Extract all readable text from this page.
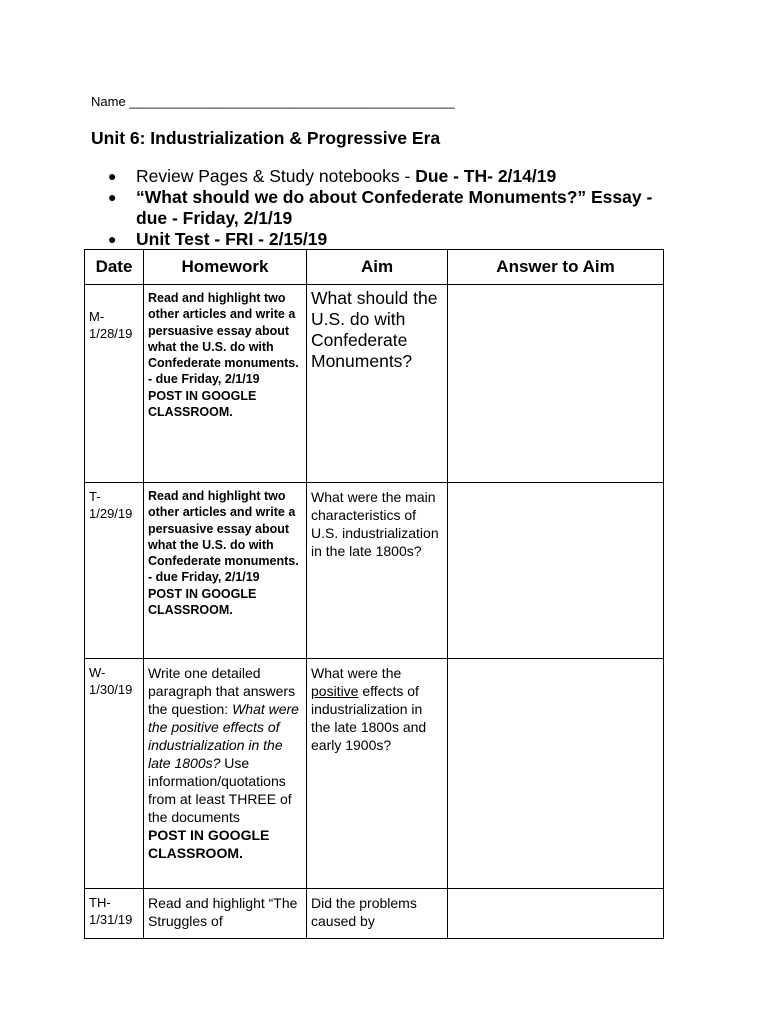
Name _____________________________________________
Unit 6: Industrialization & Progressive Era
● Review Pages & Study notebooks - Due - TH- 2/14/19
● “What should we do about Confederate Monuments?” Essay - due - Friday, 2/1/19
● Unit Test - FRI - 2/15/19
Date	Homework	Aim	Answer to Aim

M-
1/28/19	Read and highlight two other articles and write a persuasive essay about what the U.S. do with Confederate monuments. - due Friday, 2/1/19
POST IN GOOGLE CLASSROOM.	What should the U.S. do with Confederate Monuments?	

T-
1/29/19	Read and highlight two other articles and write a persuasive essay about what the U.S. do with Confederate monuments. - due Friday, 2/1/19
POST IN GOOGLE CLASSROOM.	What were the main characteristics of U.S. industrialization in the late 1800s?	

W-
1/30/19	Write one detailed paragraph that answers the question: What were the positive effects of industrialization in the late 1800s? Use information/quotations from at least THREE of the documents
POST IN GOOGLE CLASSROOM.	What were the positive effects of industrialization in the late 1800s and early 1900s?	

TH-
1/31/19	Read and highlight “The Struggles of	Did the problems caused by	
